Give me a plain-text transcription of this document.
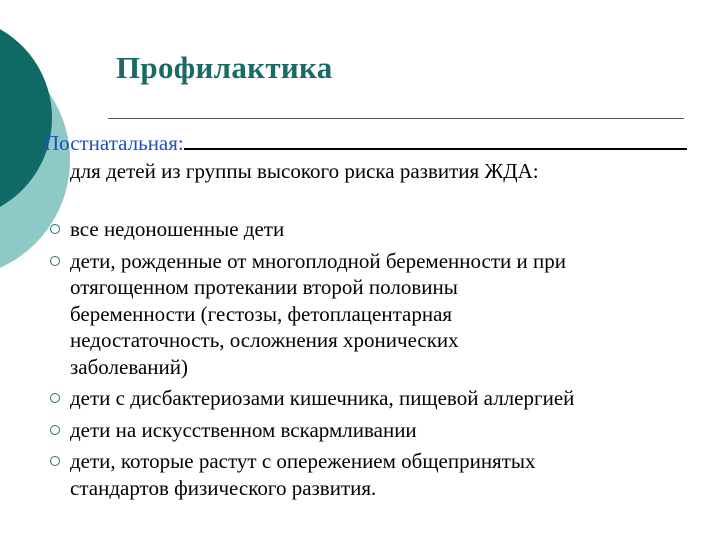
Профилактика
Постнатальная:
для детей из группы высокого риска развития ЖДА:
все недоношенные дети
дети, рожденные от многоплодной беременности и при
отягощенном протекании второй половины
беременности (гестозы, фетоплацентарная
недостаточность, осложнения хронических
заболеваний)
дети с дисбактериозами кишечника, пищевой аллергией
дети на искусственном вскармливании
дети, которые растут с опережением общепринятых
стандартов физического развития.
